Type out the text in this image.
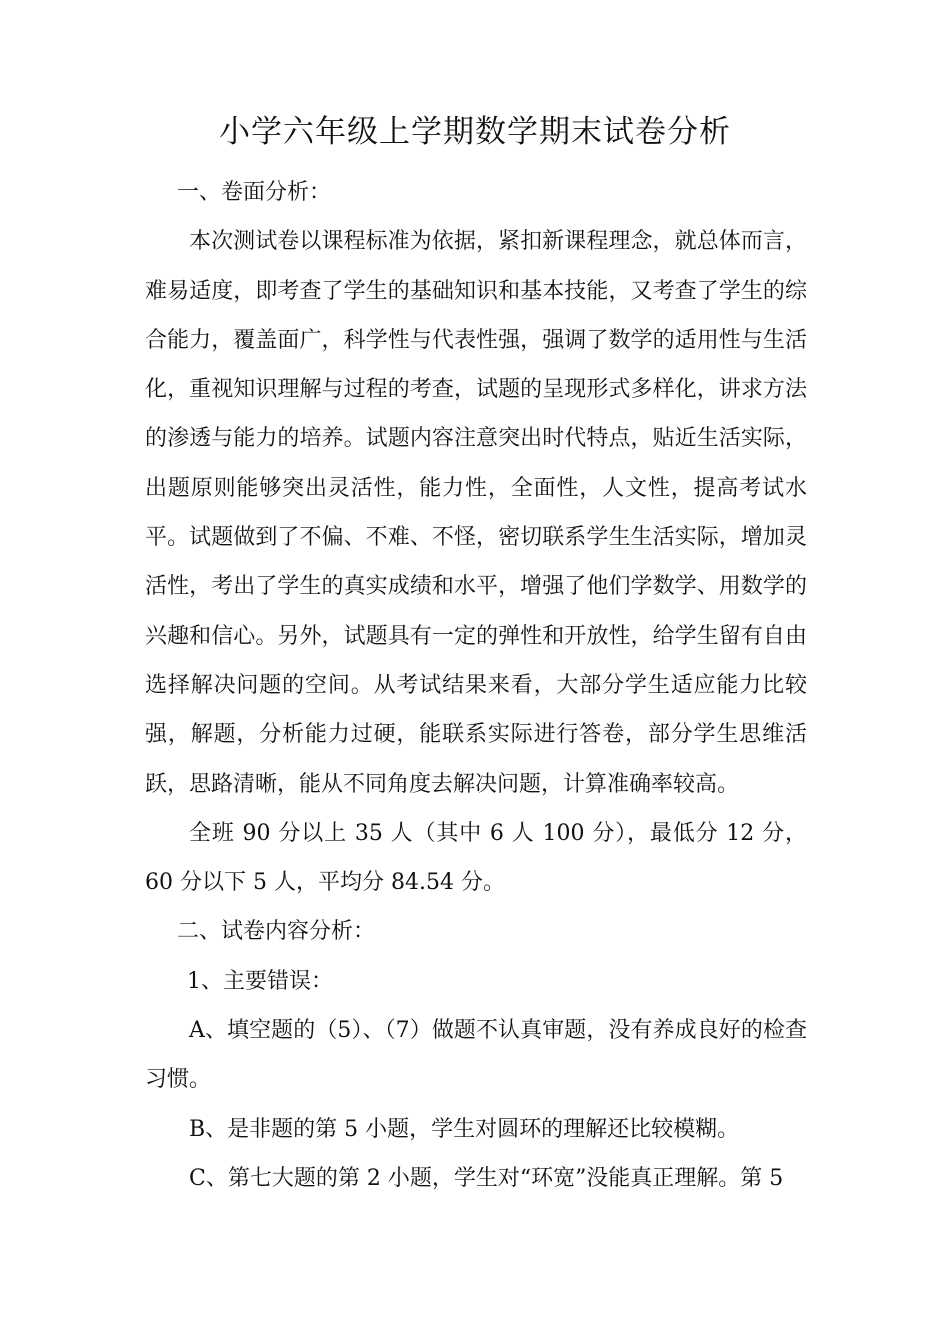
小学六年级上学期数学期末试卷分析

一、卷面分析：

本次测试卷以课程标准为依据，紧扣新课程理念，就总体而言，难易适度，即考查了学生的基础知识和基本技能，又考查了学生的综合能力，覆盖面广，科学性与代表性强，强调了数学的适用性与生活化，重视知识理解与过程的考查，试题的呈现形式多样化，讲求方法的渗透与能力的培养。试题内容注意突出时代特点，贴近生活实际，出题原则能够突出灵活性，能力性，全面性，人文性，提高考试水平。试题做到了不偏、不难、不怪，密切联系学生生活实际，增加灵活性，考出了学生的真实成绩和水平，增强了他们学数学、用数学的兴趣和信心。另外，试题具有一定的弹性和开放性，给学生留有自由选择解决问题的空间。从考试结果来看，大部分学生适应能力比较强，解题，分析能力过硬，能联系实际进行答卷，部分学生思维活跃，思路清晰，能从不同角度去解决问题，计算准确率较高。

全班 90 分以上 35 人（其中 6 人 100 分），最低分 12 分，60 分以下 5 人，平均分 84.54 分。

二、试卷内容分析：

1、主要错误：

A、填空题的（5）、（7）做题不认真审题，没有养成良好的检查习惯。

B、是非题的第 5 小题，学生对圆环的理解还比较模糊。

C、第七大题的第 2 小题，学生对“环宽”没能真正理解。第 5
